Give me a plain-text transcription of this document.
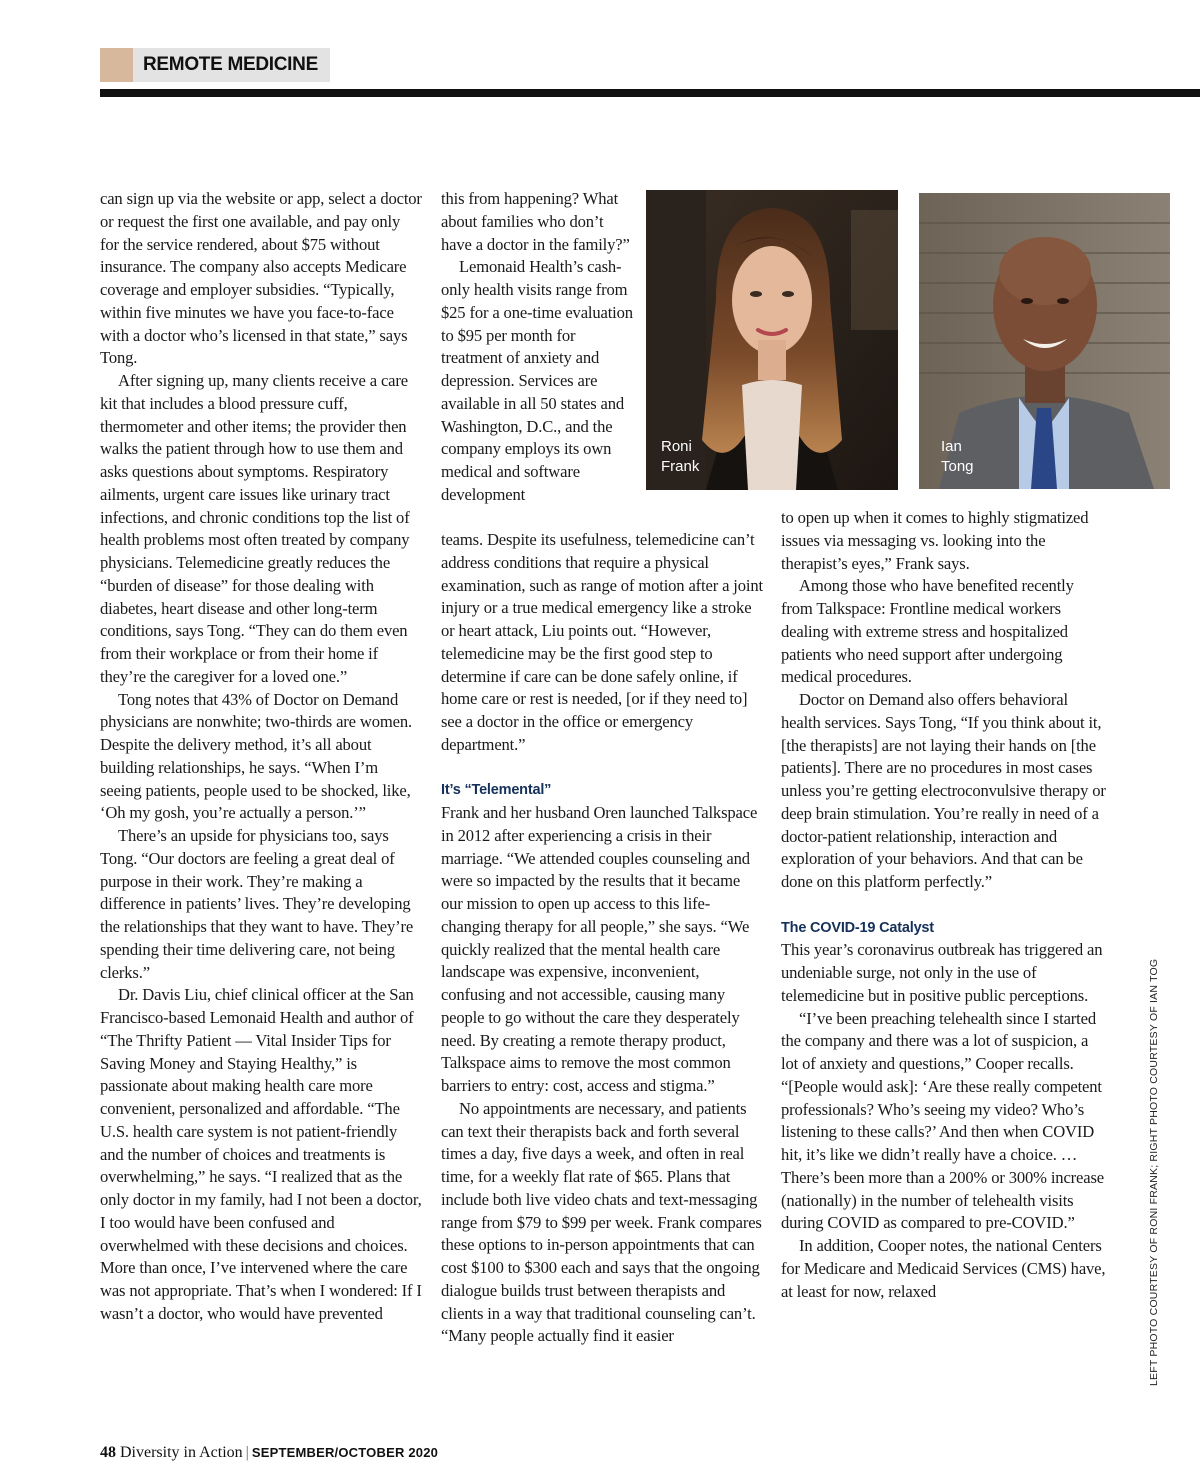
REMOTE MEDICINE

can sign up via the website or app, select a doctor or request the first one available, and pay only for the service rendered, about $75 without insurance. The company also accepts Medicare coverage and employer subsidies. “Typically, within five minutes we have you face-to-face with a doctor who’s licensed in that state,” says Tong.

After signing up, many clients receive a care kit that includes a blood pressure cuff, thermometer and other items; the provider then walks the patient through how to use them and asks questions about symptoms. Respiratory ailments, urgent care issues like urinary tract infections, and chronic conditions top the list of health problems most often treated by company physicians. Telemedicine greatly reduces the “burden of disease” for those dealing with diabetes, heart disease and other long-term conditions, says Tong. “They can do them even from their workplace or from their home if they’re the caregiver for a loved one.”

Tong notes that 43% of Doctor on Demand physicians are nonwhite; two-thirds are women. Despite the delivery method, it’s all about building relationships, he says. “When I’m seeing patients, people used to be shocked, like, ‘Oh my gosh, you’re actually a person.’”

There’s an upside for physicians too, says Tong. “Our doctors are feeling a great deal of purpose in their work. They’re making a difference in patients’ lives. They’re developing the relationships that they want to have. They’re spending their time delivering care, not being clerks.”

Dr. Davis Liu, chief clinical officer at the San Francisco-based Lemonaid Health and author of “The Thrifty Patient — Vital Insider Tips for Saving Money and Staying Healthy,” is passionate about making health care more convenient, personalized and affordable. “The U.S. health care system is not patient-friendly and the number of choices and treatments is overwhelming,” he says. “I realized that as the only doctor in my family, had I not been a doctor, I too would have been confused and overwhelmed with these decisions and choices. More than once, I’ve intervened where the care was not appropriate. That’s when I wondered: If I wasn’t a doctor, who would have prevented

this from happening? What about families who don’t have a doctor in the family?”

Lemonaid Health’s cash-only health visits range from $25 for a one-time evaluation to $95 per month for treatment of anxiety and depression. Services are available in all 50 states and Washington, D.C., and the company employs its own medical and software development

teams. Despite its usefulness, telemedicine can’t address conditions that require a physical examination, such as range of motion after a joint injury or a true medical emergency like a stroke or heart attack, Liu points out. “However, telemedicine may be the first good step to determine if care can be done safely online, if home care or rest is needed, [or if they need to] see a doctor in the office or emergency department.”

It’s “Telemental”

Frank and her husband Oren launched Talkspace in 2012 after experiencing a crisis in their marriage. “We attended couples counseling and were so impacted by the results that it became our mission to open up access to this life-changing therapy for all people,” she says. “We quickly realized that the mental health care landscape was expensive, inconvenient, confusing and not accessible, causing many people to go without the care they desperately need. By creating a remote therapy product, Talkspace aims to remove the most common barriers to entry: cost, access and stigma.”

No appointments are necessary, and patients can text their therapists back and forth several times a day, five days a week, and often in real time, for a weekly flat rate of $65. Plans that include both live video chats and text-messaging range from $79 to $99 per week. Frank compares these options to in-person appointments that can cost $100 to $300 each and says that the ongoing dialogue builds trust between therapists and clients in a way that traditional counseling can’t. “Many people actually find it easier

to open up when it comes to highly stigmatized issues via messaging vs. looking into the therapist’s eyes,” Frank says.

Among those who have benefited recently from Talkspace: Frontline medical workers dealing with extreme stress and hospitalized patients who need support after undergoing medical procedures.

Doctor on Demand also offers behavioral health services. Says Tong, “If you think about it, [the therapists] are not laying their hands on [the patients]. There are no procedures in most cases unless you’re getting electroconvulsive therapy or deep brain stimulation. You’re really in need of a doctor-patient relationship, interaction and exploration of your behaviors. And that can be done on this platform perfectly.”

The COVID-19 Catalyst

This year’s coronavirus outbreak has triggered an undeniable surge, not only in the use of telemedicine but in positive public perceptions.

“I’ve been preaching telehealth since I started the company and there was a lot of suspicion, a lot of anxiety and questions,” Cooper recalls. “[People would ask]: ‘Are these really competent professionals? Who’s seeing my video? Who’s listening to these calls?’ And then when COVID hit, it’s like we didn’t really have a choice. … There’s been more than a 200% or 300% increase (nationally) in the number of telehealth visits during COVID as compared to pre-COVID.”

In addition, Cooper notes, the national Centers for Medicare and Medicaid Services (CMS) have, at least for now, relaxed

Roni
Frank
Ian
Tong
LEFT PHOTO COURTESY OF RONI FRANK; RIGHT PHOTO COURTESY OF IAN TOG
48 Diversity in Action | SEPTEMBER/OCTOBER 2020
